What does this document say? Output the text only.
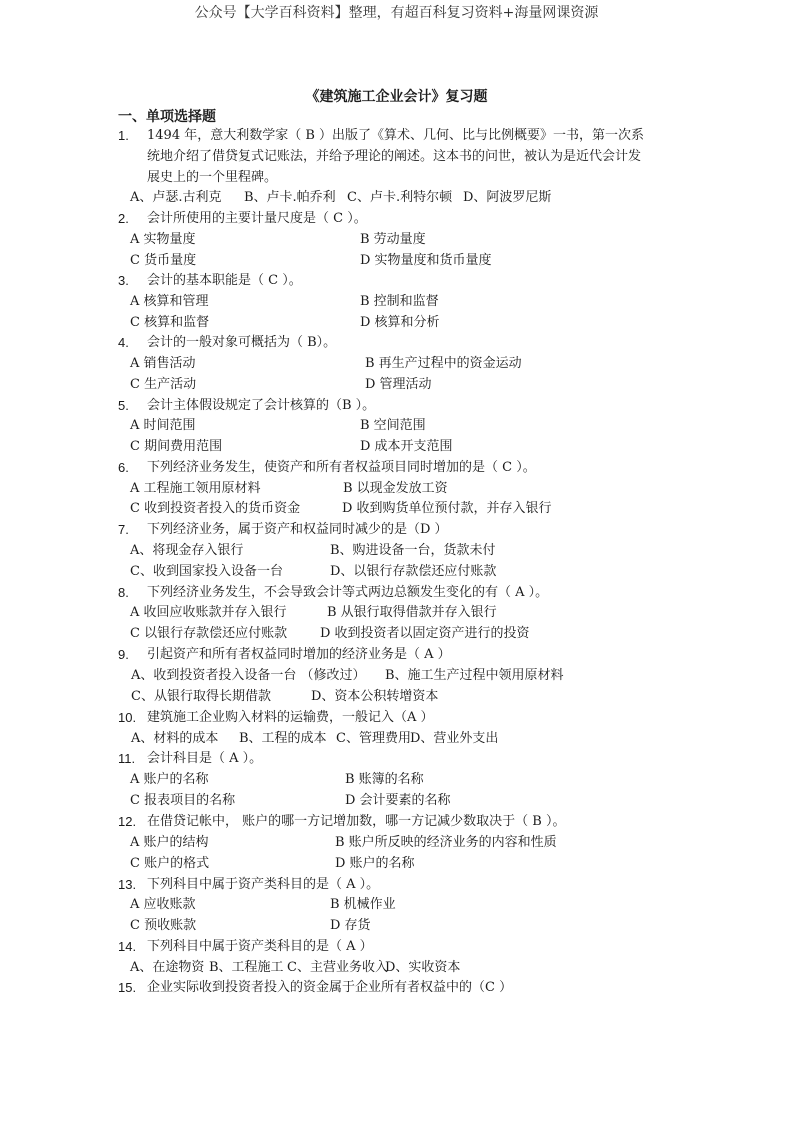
公众号【大学百科资料】整理，有超百科复习资料+海量网课资源
《建筑施工企业会计》复习题
一、单项选择题
1. 1494 年，意大利数学家（ B ）出版了《算术、几何、比与比例概要》一书，第一次系
统地介绍了借贷复式记账法，并给予理论的阐述。这本书的问世，被认为是近代会计发
展史上的一个里程碑。
A、卢瑟.古利克 B、卢卡.帕乔利 C、卢卡.利特尔顿 D、阿波罗尼斯
2. 会计所使用的主要计量尺度是（ C ）。
A 实物量度	B 劳动量度
C 货币量度	D 实物量度和货币量度
3. 会计的基本职能是（ C ）。
A 核算和管理	B 控制和监督
C 核算和监督	D 核算和分析
4. 会计的一般对象可概括为（ B）。
A 销售活动	B 再生产过程中的资金运动
C 生产活动	D 管理活动
5. 会计主体假设规定了会计核算的（B ）。
A 时间范围	B 空间范围
C 期间费用范围	D 成本开支范围
6. 下列经济业务发生，使资产和所有者权益项目同时增加的是（ C ）。
A 工程施工领用原材料	B 以现金发放工资
C 收到投资者投入的货币资金	D 收到购货单位预付款，并存入银行
7. 下列经济业务，属于资产和权益同时减少的是（D ）
A、将现金存入银行	B、购进设备一台，货款未付
C、收到国家投入设备一台	D、以银行存款偿还应付账款
8. 下列经济业务发生，不会导致会计等式两边总额发生变化的有（ A ）。
A 收回应收账款并存入银行	B 从银行取得借款并存入银行
C 以银行存款偿还应付账款	D 收到投资者以固定资产进行的投资
9. 引起资产和所有者权益同时增加的经济业务是（ A ）
A、收到投资者投入设备一台 （修改过） B、施工生产过程中领用原材料
C、从银行取得长期借款	D、资本公积转增资本
10. 建筑施工企业购入材料的运输费，一般记入（A ）
A、材料的成本 B、工程的成本 C、管理费用 D、营业外支出
11. 会计科目是（ A ）。
A 账户的名称	B 账簿的名称
C 报表项目的名称	D 会计要素的名称
12. 在借贷记帐中， 账户的哪一方记增加数，哪一方记减少数取决于（ B ）。
A 账户的结构	B 账户所反映的经济业务的内容和性质
C 账户的格式	D 账户的名称
13. 下列科目中属于资产类科目的是（ A ）。
A 应收账款	B 机械作业
C 预收账款	D 存货
14. 下列科目中属于资产类科目的是（ A ）
A、在途物资 B、工程施工 C、主营业务收入
D、实收资本
15. 企业实际收到投资者投入的资金属于企业所有者权益中的（C ）
